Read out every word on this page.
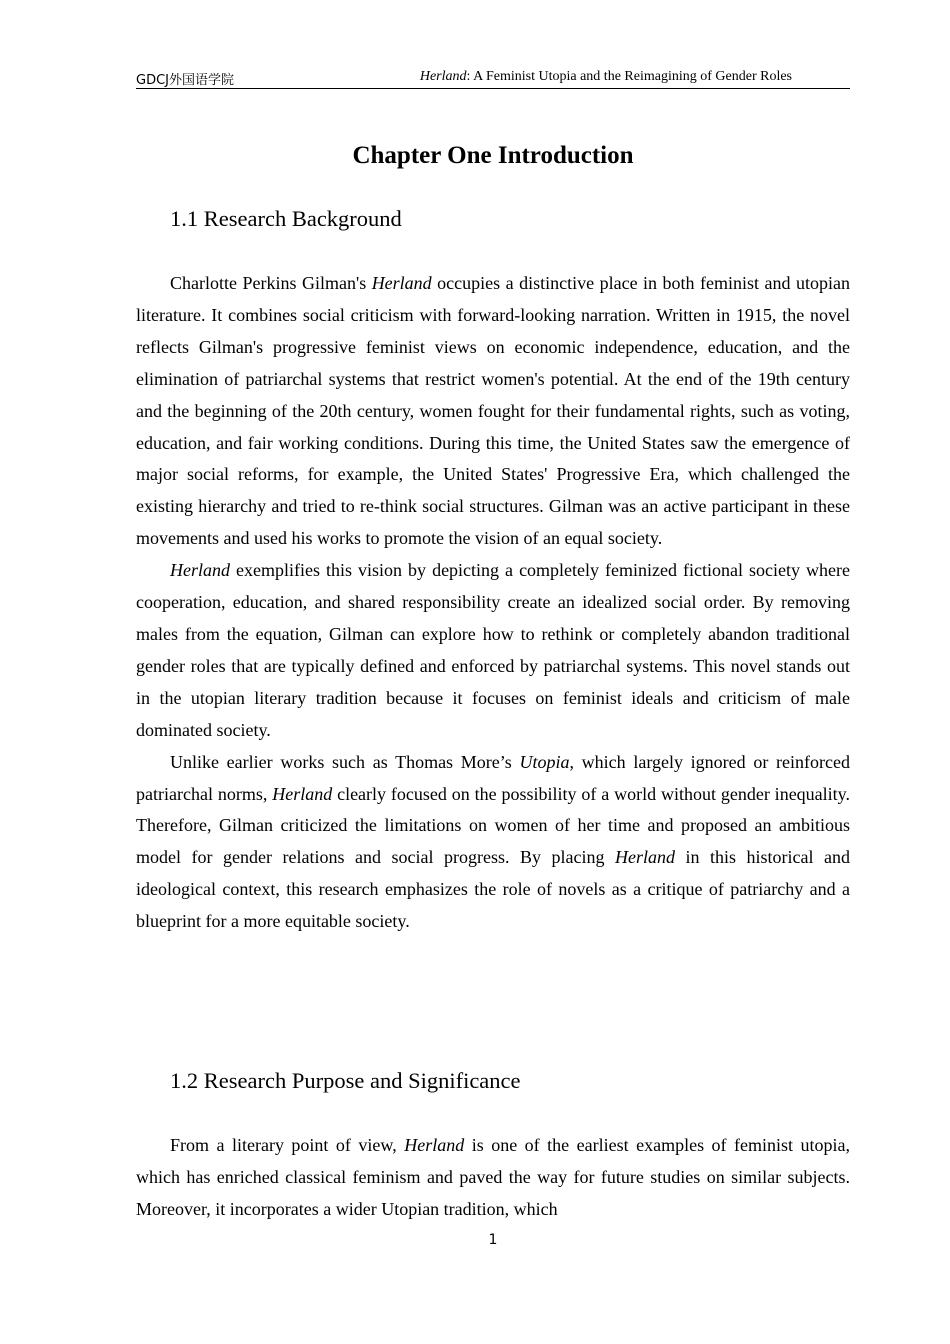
GDCJ外国语学院	Herland: A Feminist Utopia and the Reimagining of Gender Roles
Chapter One Introduction
1.1 Research Background

Charlotte Perkins Gilman's Herland occupies a distinctive place in both feminist and utopian literature. It combines social criticism with forward-looking narration. Written in 1915, the novel reflects Gilman's progressive feminist views on economic independence, education, and the elimination of patriarchal systems that restrict women's potential. At the end of the 19th century and the beginning of the 20th century, women fought for their fundamental rights, such as voting, education, and fair working conditions. During this time, the United States saw the emergence of major social reforms, for example, the United States' Progressive Era, which challenged the existing hierarchy and tried to re-think social structures. Gilman was an active participant in these movements and used his works to promote the vision of an equal society.

Herland exemplifies this vision by depicting a completely feminized fictional society where cooperation, education, and shared responsibility create an idealized social order. By removing males from the equation, Gilman can explore how to rethink or completely abandon traditional gender roles that are typically defined and enforced by patriarchal systems. This novel stands out in the utopian literary tradition because it focuses on feminist ideals and criticism of male dominated society.

Unlike earlier works such as Thomas More’s Utopia, which largely ignored or reinforced patriarchal norms, Herland clearly focused on the possibility of a world without gender inequality. Therefore, Gilman criticized the limitations on women of her time and proposed an ambitious model for gender relations and social progress. By placing Herland in this historical and ideological context, this research emphasizes the role of novels as a critique of patriarchy and a blueprint for a more equitable society.

1.2 Research Purpose and Significance

From a literary point of view, Herland is one of the earliest examples of feminist utopia, which has enriched classical feminism and paved the way for future studies on similar subjects. Moreover, it incorporates a wider Utopian tradition, which

1
